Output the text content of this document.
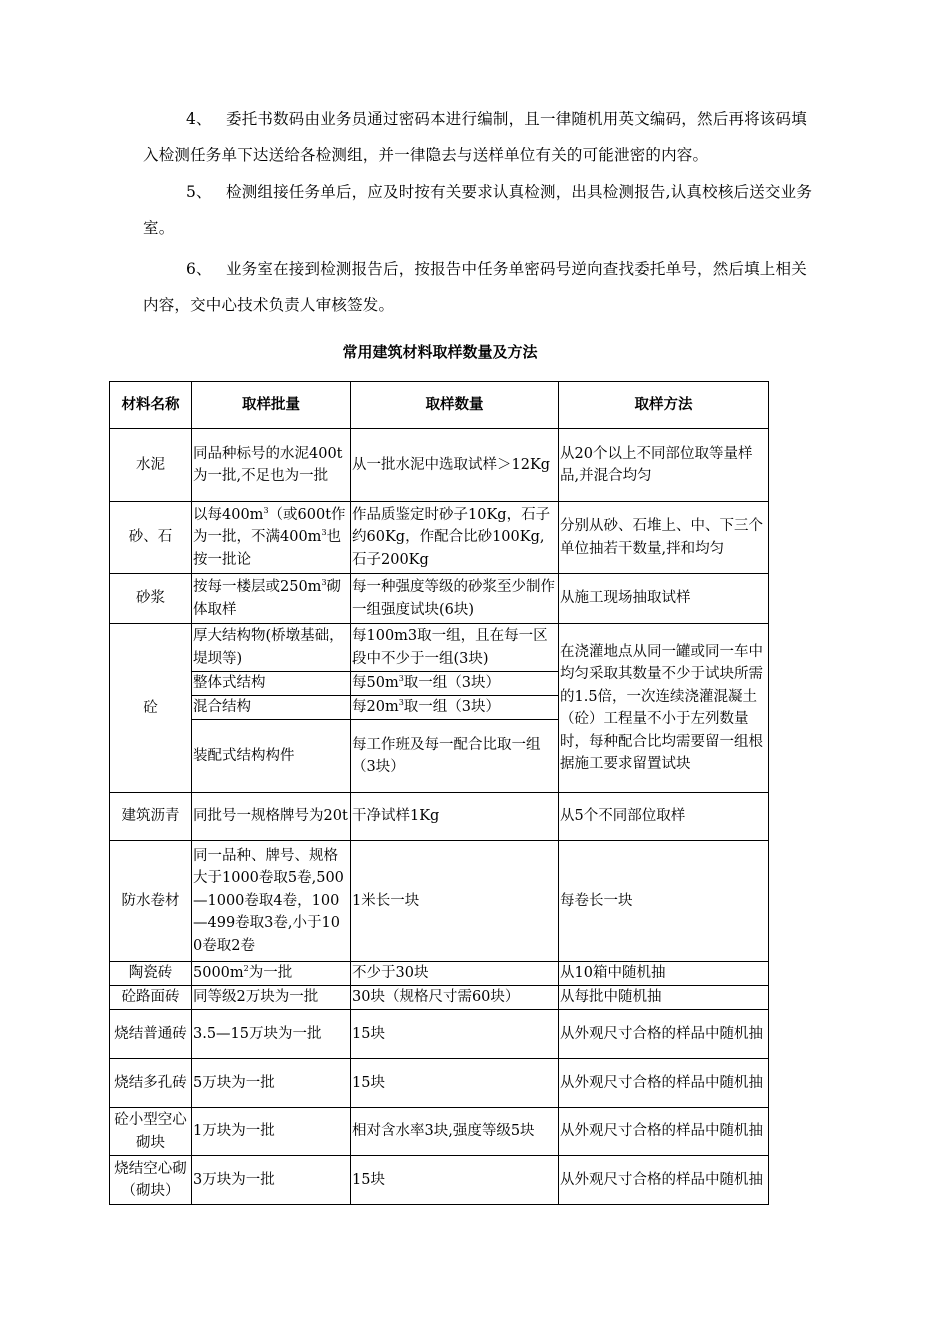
4、 委托书数码由业务员通过密码本进行编制，且一律随机用英文编码，然后再将该码填入检测任务单下达送给各检测组，并一律隐去与送样单位有关的可能泄密的内容。

5、 检测组接任务单后，应及时按有关要求认真检测，出具检测报告,认真校核后送交业务室。

6、 业务室在接到检测报告后，按报告中任务单密码号逆向查找委托单号，然后填上相关内容，交中心技术负责人审核签发。

常用建筑材料取样数量及方法
材料名称	取样批量	取样数量	取样方法
水泥	同品种标号的水泥400t为一批,不足也为一批	从一批水泥中选取试样＞12Kg	从20个以上不同部位取等量样品,并混合均匀
砂、石	以每$400m^3$（或600t作为一批，不满$400m^3$也按一批论	作品质鉴定时砂子10Kg，石子约60Kg，作配合比砂100Kg,石子200Kg	分别从砂、石堆上、中、下三个单位抽若干数量,拌和均匀
砂浆	按每一楼层或$250m^3$砌体取样	每一种强度等级的砂浆至少制作一组强度试块(6块)	从施工现场抽取试样
砼	厚大结构物(桥墩基础，堤坝等)	每100m3取一组，且在每一区段中不少于一组(3块)	在浇灌地点从同一罐或同一车中均匀采取其数量不少于试块所需的1.5倍，一次连续浇灌混凝土（砼）工程量不小于左列数量时，每种配合比均需要留一组根据施工要求留置试块
	整体式结构	每$50m^3$取一组（3块）	
	混合结构	每$20m^3$取一组（3块）	
	装配式结构构件	每工作班及每一配合比取一组（3块）	
建筑沥青	同批号一规格牌号为20t	干净试样1Kg	从5个不同部位取样
防水卷材	同一品种、牌号、规格大于1000卷取5卷,500—1000卷取4卷，100—499卷取3卷,小于100卷取2卷	1米长一块	每卷长一块
陶瓷砖	$5000m^2$为一批	不少于30块	从10箱中随机抽
砼路面砖	同等级2万块为一批	30块（规格尺寸需60块）	从每批中随机抽
烧结普通砖	3.5—15万块为一批	15块	从外观尺寸合格的样品中随机抽
烧结多孔砖	5万块为一批	15块	从外观尺寸合格的样品中随机抽
砼小型空心砌块	1万块为一批	相对含水率3块,强度等级5块	从外观尺寸合格的样品中随机抽
烧结空心砌（砌块）	3万块为一批	15块	从外观尺寸合格的样品中随机抽
